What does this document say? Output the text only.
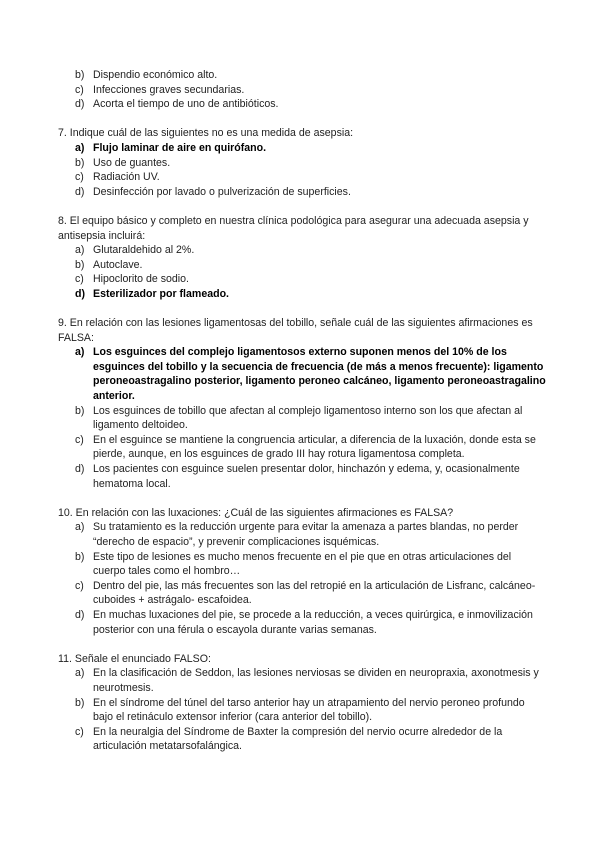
b) Dispendio económico alto.
c) Infecciones graves secundarias.
d) Acorta el tiempo de uno de antibióticos.

7. Indique cuál de las siguientes no es una medida de asepsia:

a) Flujo laminar de aire en quirófano.
b) Uso de guantes.
c) Radiación UV.
d) Desinfección por lavado o pulverización de superficies.

8. El equipo básico y completo en nuestra clínica podológica para asegurar una adecuada asepsia y antisepsia incluirá:

a) Glutaraldehido al 2%.
b) Autoclave.
c) Hipoclorito de sodio.
d) Esterilizador por flameado.

9. En relación con las lesiones ligamentosas del tobillo, señale cuál de las siguientes afirmaciones es FALSA:

a) Los esguinces del complejo ligamentosos externo suponen menos del 10% de los esguinces del tobillo y la secuencia de frecuencia (de más a menos frecuente): ligamento peroneoastragalino posterior, ligamento peroneo calcáneo, ligamento peroneoastragalino anterior.
b) Los esguinces de tobillo que afectan al complejo ligamentoso interno son los que afectan al ligamento deltoideo.
c) En el esguince se mantiene la congruencia articular, a diferencia de la luxación, donde esta se pierde, aunque, en los esguinces de grado III hay rotura ligamentosa completa.
d) Los pacientes con esguince suelen presentar dolor, hinchazón y edema, y, ocasionalmente hematoma local.

10. En relación con las luxaciones: ¿Cuál de las siguientes afirmaciones es FALSA?

a) Su tratamiento es la reducción urgente para evitar la amenaza a partes blandas, no perder “derecho de espacio”, y prevenir complicaciones isquémicas.
b) Este tipo de lesiones es mucho menos frecuente en el pie que en otras articulaciones del cuerpo tales como el hombro…
c) Dentro del pie, las más frecuentes son las del retropié en la articulación de Lisfranc, calcáneo- cuboides + astrágalo- escafoidea.
d) En muchas luxaciones del pie, se procede a la reducción, a veces quirúrgica, e inmovilización posterior con una férula o escayola durante varias semanas.

11. Señale el enunciado FALSO:

a) En la clasificación de Seddon, las lesiones nerviosas se dividen en neuropraxia, axonotmesis y neurotmesis.
b) En el síndrome del túnel del tarso anterior hay un atrapamiento del nervio peroneo profundo bajo el retináculo extensor inferior (cara anterior del tobillo).
c) En la neuralgia del Síndrome de Baxter la compresión del nervio ocurre alrededor de la articulación metatarsofalángica.
